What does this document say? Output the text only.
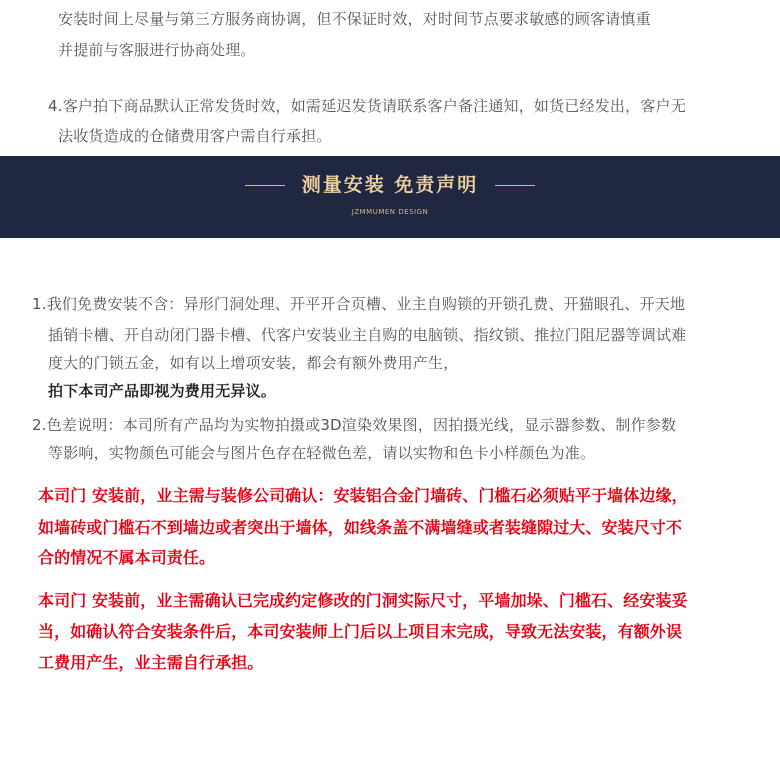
安装时间上尽量与第三方服务商协调，但不保证时效，对时间节点要求敏感的顾客请慎重
并提前与客服进行协商处理。
4.客户拍下商品默认正常发货时效，如需延迟发货请联系客户备注通知，如货已经发出，客户无
法收货造成的仓储费用客户需自行承担。
测量安装 免责声明
JZMMUMEN DESIGN
1.我们免费安装不含：异形门洞处理、开平开合页槽、业主自购锁的开锁孔费、开猫眼孔、开天地
插销卡槽、开自动闭门器卡槽、代客户安装业主自购的电脑锁、指纹锁、推拉门阻尼器等调试难
度大的门锁五金，如有以上增项安装，都会有额外费用产生，
拍下本司产品即视为费用无异议。
2.色差说明：本司所有产品均为实物拍摄或3D渲染效果图，因拍摄光线，显示器参数、制作参数
等影响，实物颜色可能会与图片色存在轻微色差，请以实物和色卡小样颜色为准。
本司门 安装前，业主需与装修公司确认：安装铝合金门墙砖、门槛石必须贴平于墙体边缘，
如墙砖或门槛石不到墙边或者突出于墙体，如线条盖不满墙缝或者装缝隙过大、安装尺寸不
合的情况不属本司责任。
本司门 安装前，业主需确认已完成约定修改的门洞实际尺寸，平墙加垛、门槛石、经安装妥
当，如确认符合安装条件后，本司安装师上门后以上项目末完成，导致无法安装，有额外误
工费用产生，业主需自行承担。
